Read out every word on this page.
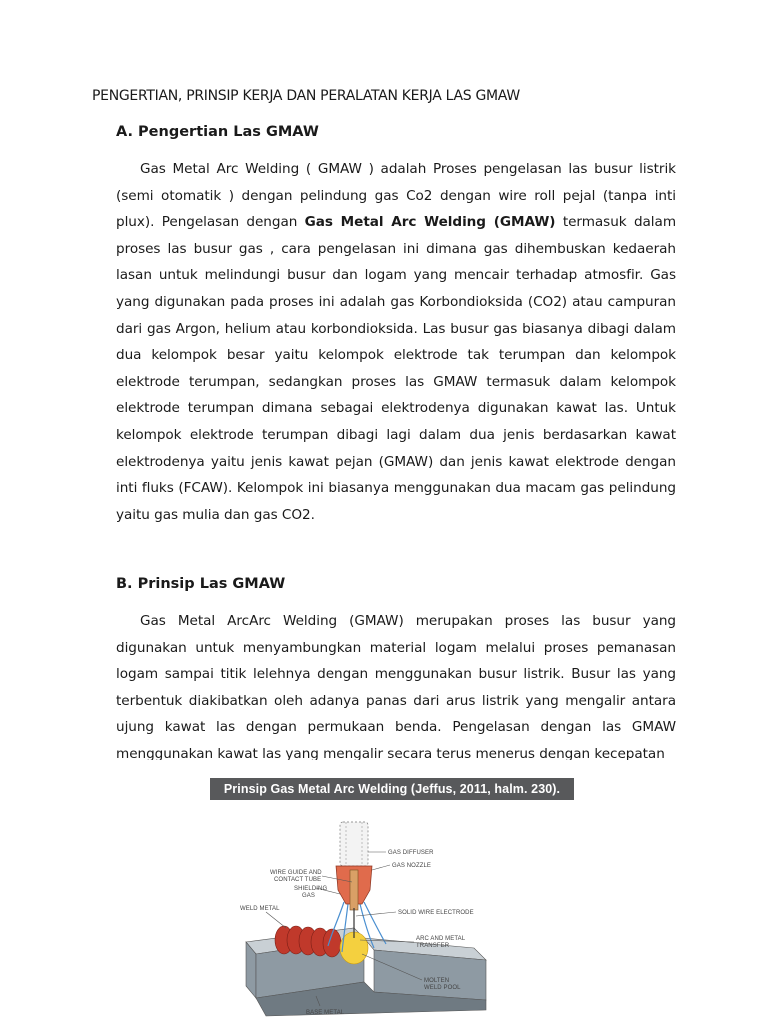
PENGERTIAN, PRINSIP KERJA DAN PERALATAN KERJA LAS GMAW
A. Pengertian Las GMAW

Gas Metal Arc Welding ( GMAW ) adalah Proses pengelasan las busur listrik (semi otomatik ) dengan pelindung gas Co2 dengan wire roll pejal (tanpa inti plux). Pengelasan dengan Gas Metal Arc Welding (GMAW) termasuk dalam proses las busur gas , cara pengelasan ini dimana gas dihembuskan kedaerah lasan untuk melindungi busur dan logam yang mencair terhadap atmosfir. Gas yang digunakan pada proses ini adalah gas Korbondioksida (CO2) atau campuran dari gas Argon, helium atau korbondioksida. Las busur gas biasanya dibagi dalam dua kelompok besar yaitu kelompok elektrode tak terumpan dan kelompok elektrode terumpan, sedangkan proses las GMAW termasuk dalam kelompok elektrode terumpan dimana sebagai elektrodenya digunakan kawat las. Untuk kelompok elektrode terumpan dibagi lagi dalam dua jenis berdasarkan kawat elektrodenya yaitu jenis kawat pejan (GMAW) dan jenis kawat elektrode dengan inti fluks (FCAW). Kelompok ini biasanya menggunakan dua macam gas pelindung yaitu gas mulia dan gas CO2.

B. Prinsip Las GMAW

Gas Metal ArcArc Welding (GMAW) merupakan proses las busur yang digunakan untuk menyambungkan material logam melalui proses pemanasan logam sampai titik lelehnya dengan menggunakan busur listrik. Busur las yang terbentuk diakibatkan oleh adanya panas dari arus listrik yang mengalir antara ujung kawat las dengan permukaan benda. Pengelasan dengan las GMAW menggunakan kawat las yang mengalir secara terus menerus dengan kecepatan

Prinsip Gas Metal Arc Welding (Jeffus, 2011, halm. 230).
GAS DIFFUSER
GAS NOZZLE
WIRE GUIDE AND
CONTACT TUBE
SHIELDING
GAS
WELD METAL
SOLID WIRE ELECTRODE
ARC AND METAL
TRANSFER
MOLTEN
WELD POOL
BASE METAL
